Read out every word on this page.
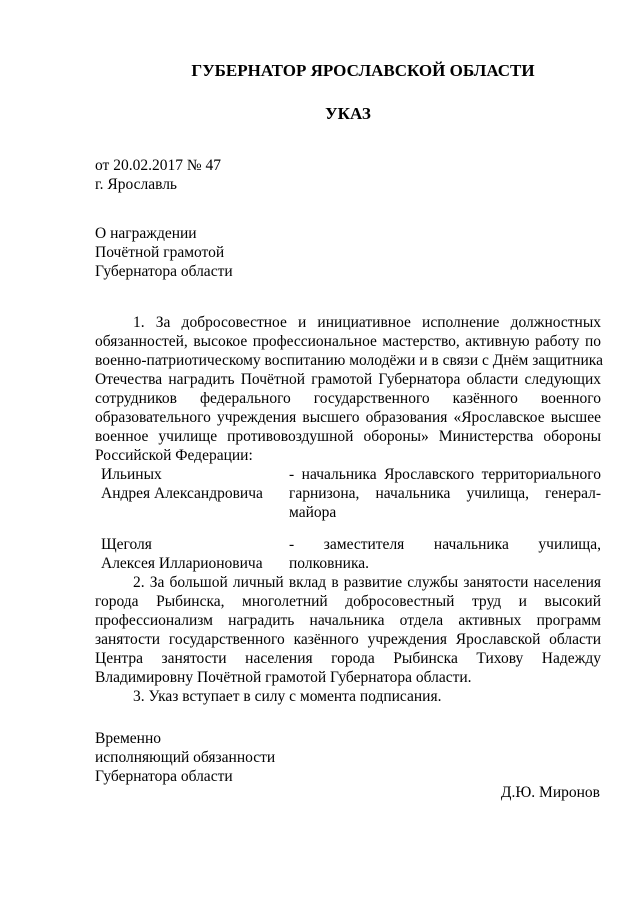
ГУБЕРНАТОР ЯРОСЛАВСКОЙ ОБЛАСТИ
УКАЗ

от 20.02.2017 № 47

г. Ярославль

О награждении

Почётной грамотой

Губернатора области

1. За добросовестное и инициативное исполнение должностных
обязанностей, высокое профессиональное мастерство, активную работу по
военно-патриотическому воспитанию молодёжи и в связи с Днём защитника
Отечества наградить Почётной грамотой Губернатора области следующих
сотрудников федерального государственного казённого военного
образовательного учреждения высшего образования «Ярославское высшее
военное училище противовоздушной обороны» Министерства обороны
Российской Федерации:
Ильиных
Андрея Александровича
- начальника Ярославского территориального
гарнизона, начальника училища, генерал-
майора
Щеголя
Алексея Илларионовича
- заместителя начальника училища,
полковника.
2. За большой личный вклад в развитие службы занятости населения
города Рыбинска, многолетний добросовестный труд и высокий
профессионализм наградить начальника отдела активных программ
занятости государственного казённого учреждения Ярославской области
Центра занятости населения города Рыбинска Тихову Надежду
Владимировну Почётной грамотой Губернатора области.

3. Указ вступает в силу с момента подписания.

Временно

исполняющий обязанности

Губернатора области

Д.Ю. Миронов
